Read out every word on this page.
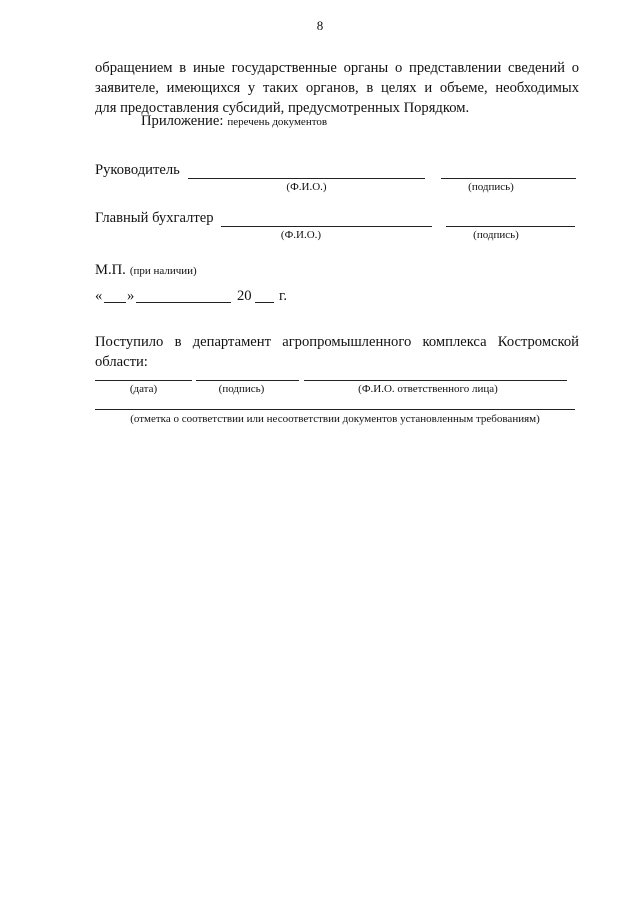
8
обращением в иные государственные органы о представлении сведений о
заявителе, имеющихся у таких органов, в целях и объеме, необходимых
для предоставления субсидий, предусмотренных Порядком.
Приложение: перечень документов
Руководитель
(Ф.И.О.)	(подпись)
Главный бухгалтер
(Ф.И.О.)	(подпись)
М.П. (при наличии)
« »	20 г.
Поступило в департамент агропромышленного комплекса Костромской
области:
(дата)	(подпись)	(Ф.И.О. ответственного лица)
(отметка о соответствии или несоответствии документов установленным требованиям)
